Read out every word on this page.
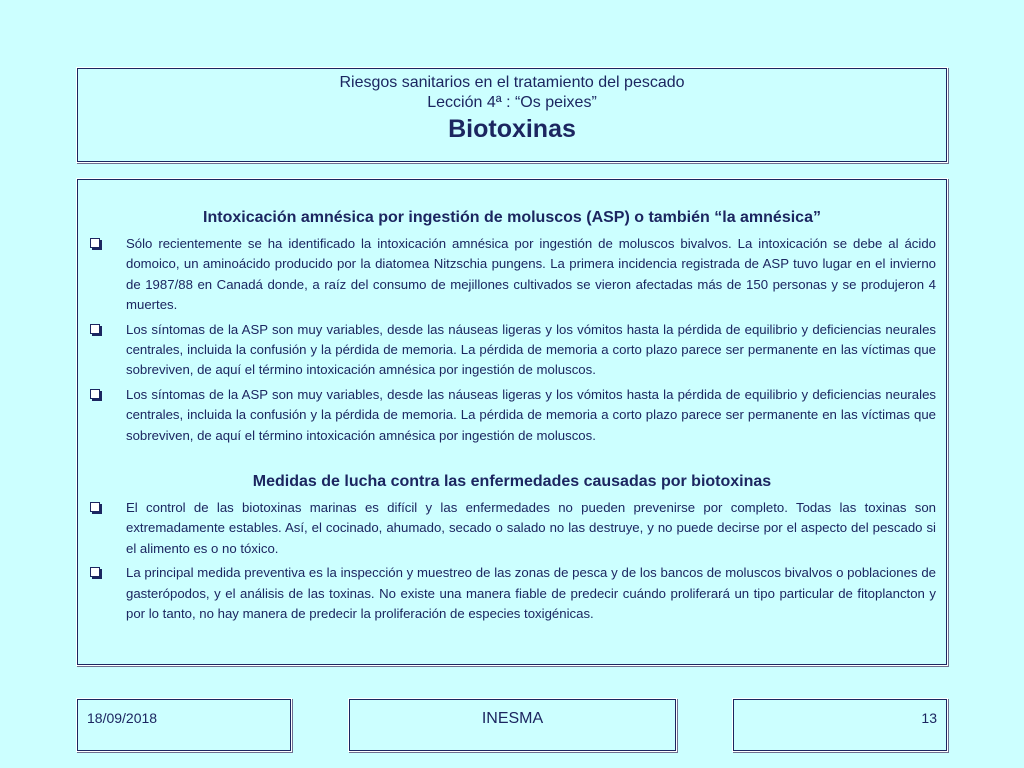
Riesgos sanitarios en el tratamiento del pescado
Lección 4ª : “Os peixes”
Biotoxinas
Intoxicación amnésica por ingestión de moluscos (ASP) o también “la amnésica”
Sólo recientemente se ha identificado la intoxicación amnésica por ingestión de moluscos bivalvos. La intoxicación se debe al ácido domoico, un aminoácido producido por la diatomea Nitzschia pungens. La primera incidencia registrada de ASP tuvo lugar en el invierno de 1987/88 en Canadá donde, a raíz del consumo de mejillones cultivados se vieron afectadas más de 150 personas y se produjeron 4 muertes.
Los síntomas de la ASP son muy variables, desde las náuseas ligeras y los vómitos hasta la pérdida de equilibrio y deficiencias neurales centrales, incluida la confusión y la pérdida de memoria. La pérdida de memoria a corto plazo parece ser permanente en las víctimas que sobreviven, de aquí el término intoxicación amnésica por ingestión de moluscos.
Los síntomas de la ASP son muy variables, desde las náuseas ligeras y los vómitos hasta la pérdida de equilibrio y deficiencias neurales centrales, incluida la confusión y la pérdida de memoria. La pérdida de memoria a corto plazo parece ser permanente en las víctimas que sobreviven, de aquí el término intoxicación amnésica por ingestión de moluscos.
Medidas de lucha contra las enfermedades causadas por biotoxinas
El control de las biotoxinas marinas es difícil y las enfermedades no pueden prevenirse por completo. Todas las toxinas son extremadamente estables. Así, el cocinado, ahumado, secado o salado no las destruye, y no puede decirse por el aspecto del pescado si el alimento es o no tóxico.
La principal medida preventiva es la inspección y muestreo de las zonas de pesca y de los bancos de moluscos bivalvos o poblaciones de gasterópodos, y el análisis de las toxinas. No existe una manera fiable de predecir cuándo proliferará un tipo particular de fitoplancton y por lo tanto, no hay manera de predecir la proliferación de especies toxigénicas.
18/09/2018	INESMA	13
